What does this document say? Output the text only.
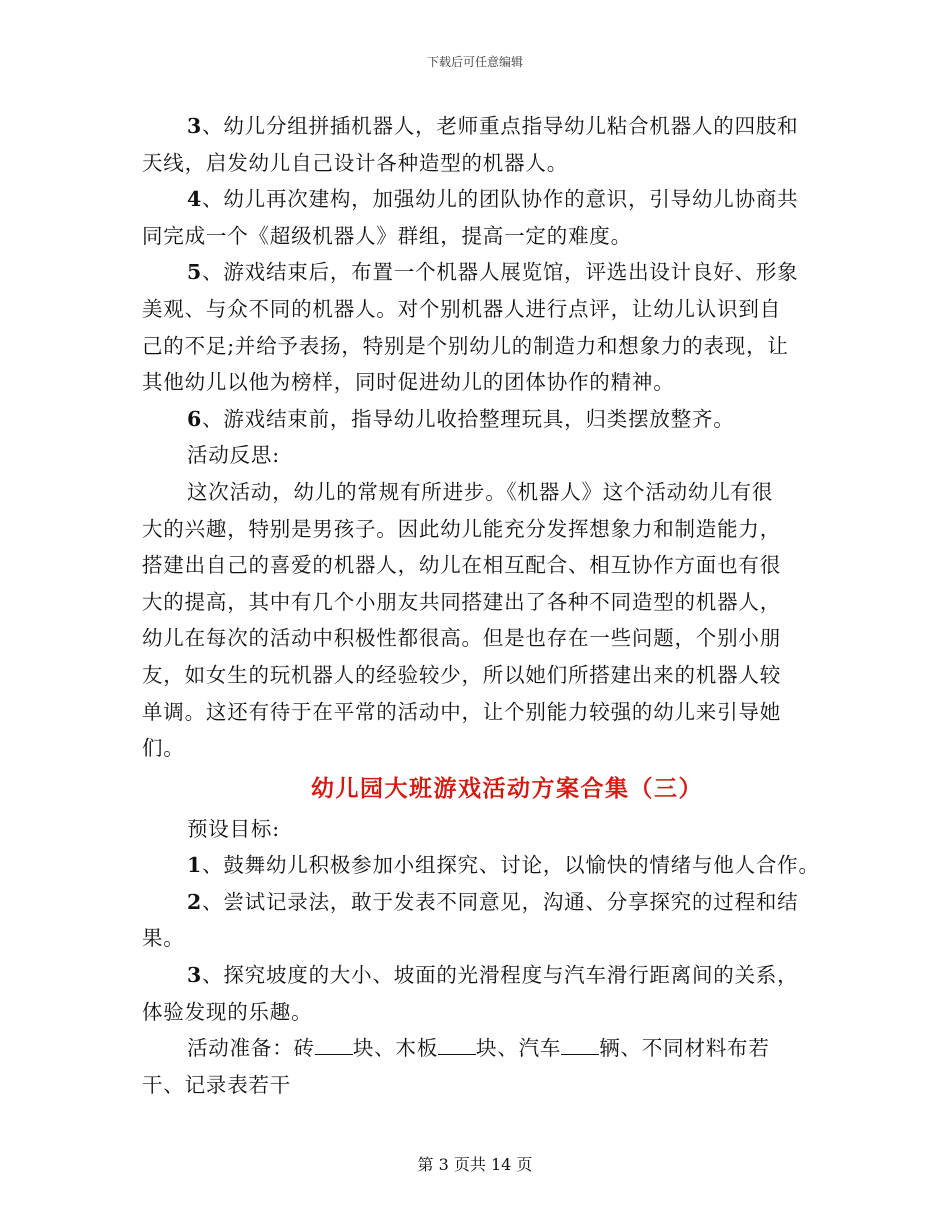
下载后可任意编辑
3、幼儿分组拼插机器人，老师重点指导幼儿粘合机器人的四肢和
天线，启发幼儿自己设计各种造型的机器人。
4、幼儿再次建构，加强幼儿的团队协作的意识，引导幼儿协商共
同完成一个《超级机器人》群组，提高一定的难度。
5、游戏结束后，布置一个机器人展览馆，评选出设计良好、形象
美观、与众不同的机器人。对个别机器人进行点评，让幼儿认识到自
己的不足;并给予表扬，特别是个别幼儿的制造力和想象力的表现，让
其他幼儿以他为榜样，同时促进幼儿的团体协作的精神。
6、游戏结束前，指导幼儿收拾整理玩具，归类摆放整齐。
活动反思:
这次活动，幼儿的常规有所进步。《机器人》这个活动幼儿有很
大的兴趣，特别是男孩子。因此幼儿能充分发挥想象力和制造能力，
搭建出自己的喜爱的机器人，幼儿在相互配合、相互协作方面也有很
大的提高，其中有几个小朋友共同搭建出了各种不同造型的机器人，
幼儿在每次的活动中积极性都很高。但是也存在一些问题，个别小朋
友，如女生的玩机器人的经验较少，所以她们所搭建出来的机器人较
单调。这还有待于在平常的活动中，让个别能力较强的幼儿来引导她
们。
幼儿园大班游戏活动方案合集（三）
预设目标:
1、鼓舞幼儿积极参加小组探究、讨论，以愉快的情绪与他人合作。
2、尝试记录法，敢于发表不同意见，沟通、分享探究的过程和结
果。
3、探究坡度的大小、坡面的光滑程度与汽车滑行距离间的关系，
体验发现的乐趣。
活动准备：砖 块、木板 块、汽车 辆、不同材料布若
干、记录表若干
第 3 页共 14 页
